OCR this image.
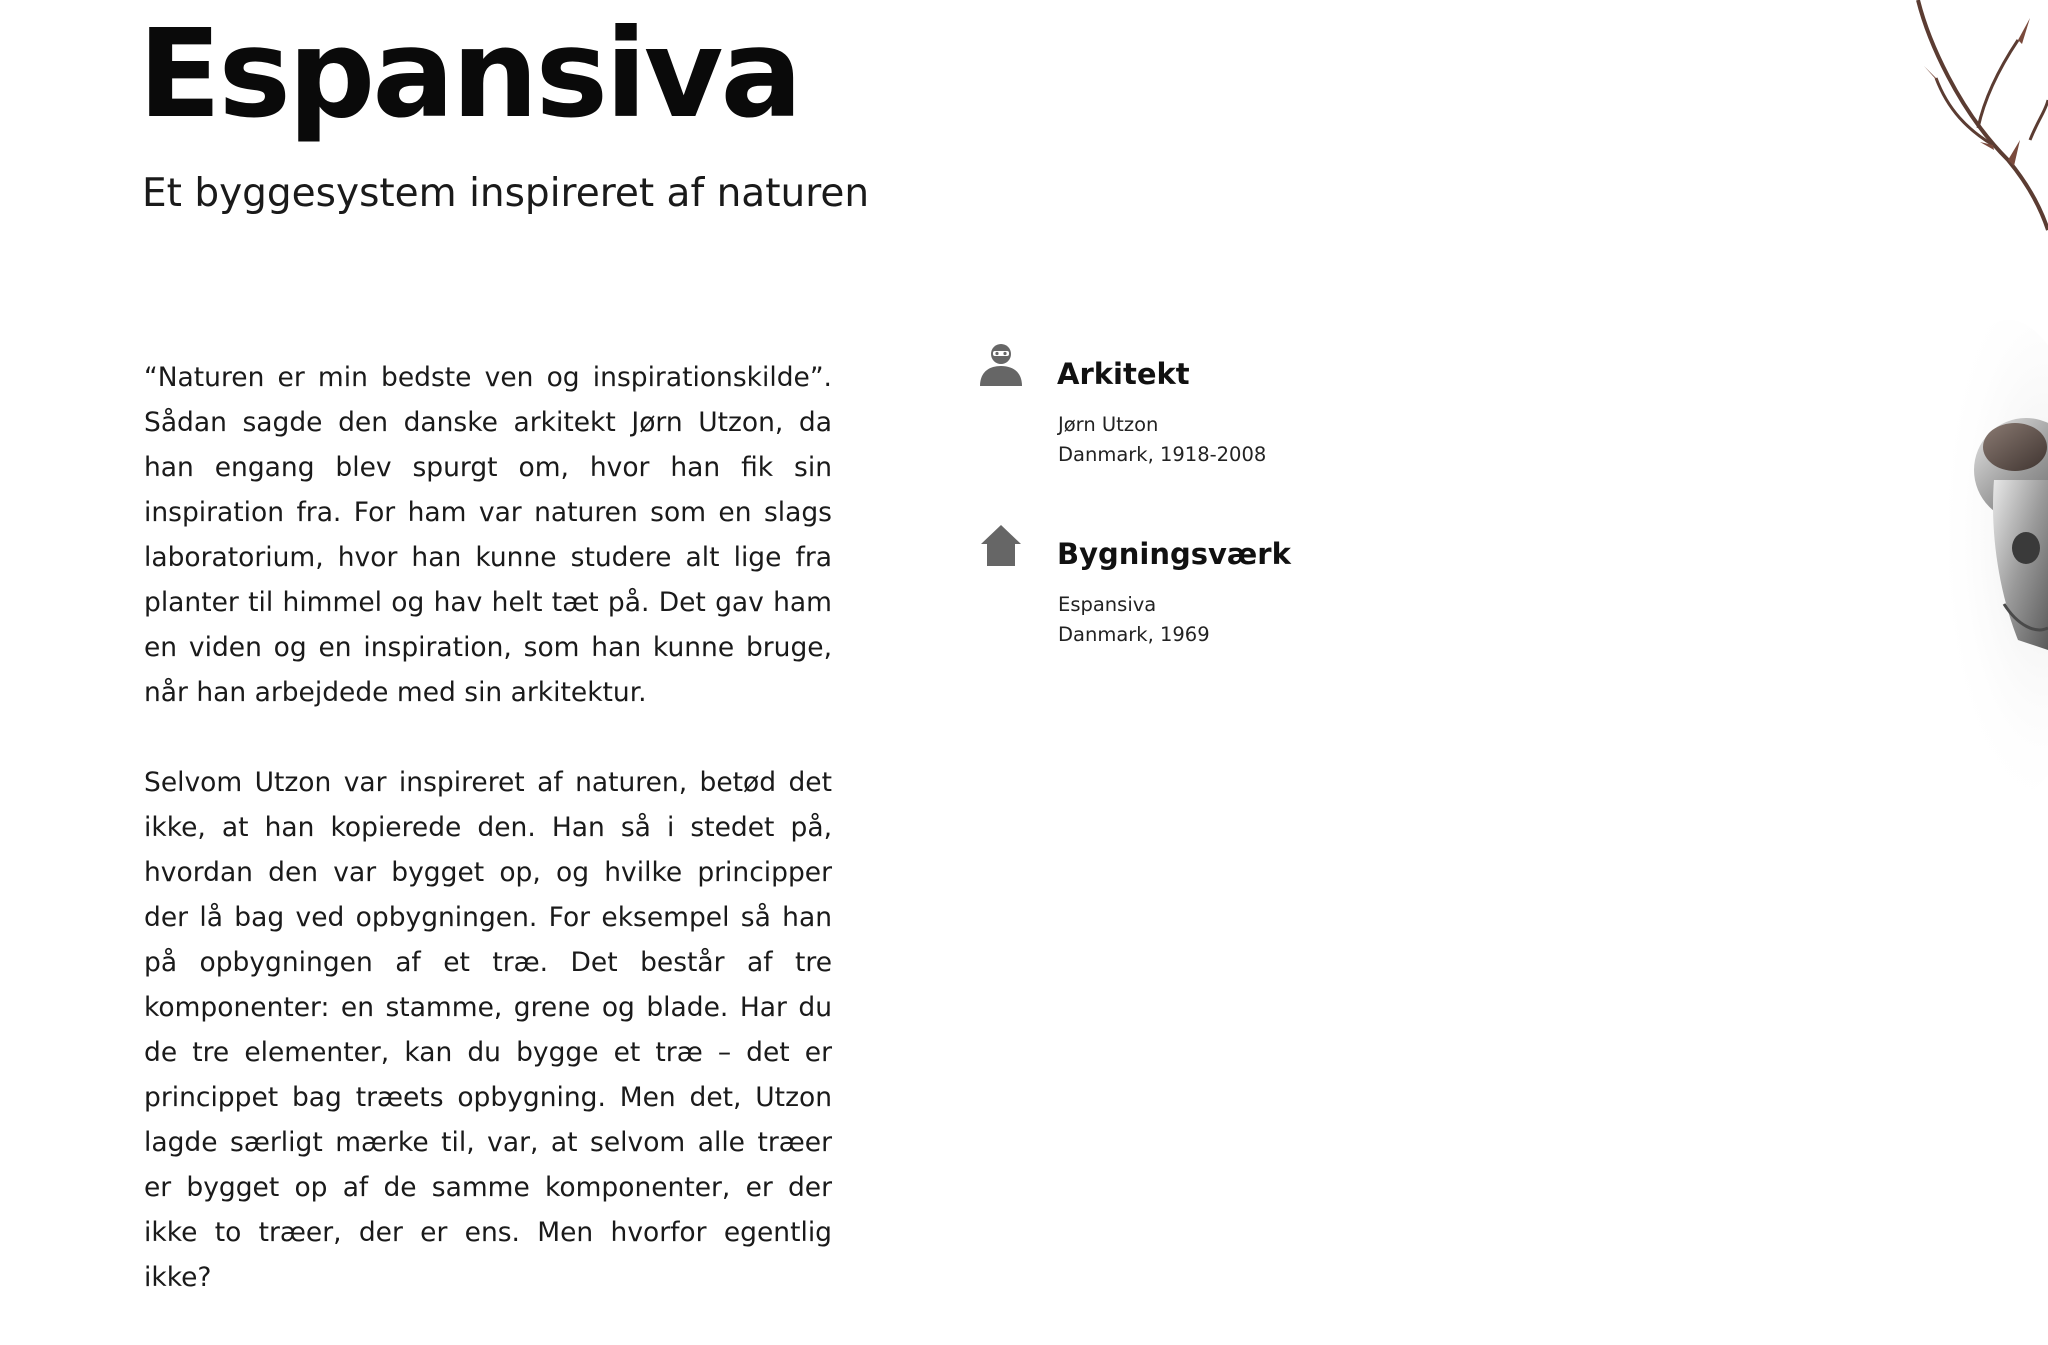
Espansiva
Et byggesystem inspireret af naturen

“Naturen er min bedste ven og inspirationskilde”. Sådan sagde den danske arkitekt Jørn Utzon, da han engang blev spurgt om, hvor han fik sin inspiration fra. For ham var naturen som en slags laboratorium, hvor han kunne studere alt lige fra planter til himmel og hav helt tæt på. Det gav ham en viden og en inspiration, som han kunne bruge, når han arbejdede med sin arkitektur.

Selvom Utzon var inspireret af naturen, betød det ikke, at han kopierede den. Han så i stedet på, hvordan den var bygget op, og hvilke principper der lå bag ved opbygningen. For eksempel så han på opbygningen af et træ. Det består af tre komponenter: en stamme, grene og blade. Har du de tre elementer, kan du bygge et træ – det er princippet bag træets opbygning. Men det, Utzon lagde særligt mærke til, var, at selvom alle træer er bygget op af de samme komponenter, er der ikke to træer, der er ens. Men hvorfor egentlig ikke?

Arkitekt

Jørn Utzon

Danmark, 1918-2008

Bygningsværk

Espansiva

Danmark, 1969
